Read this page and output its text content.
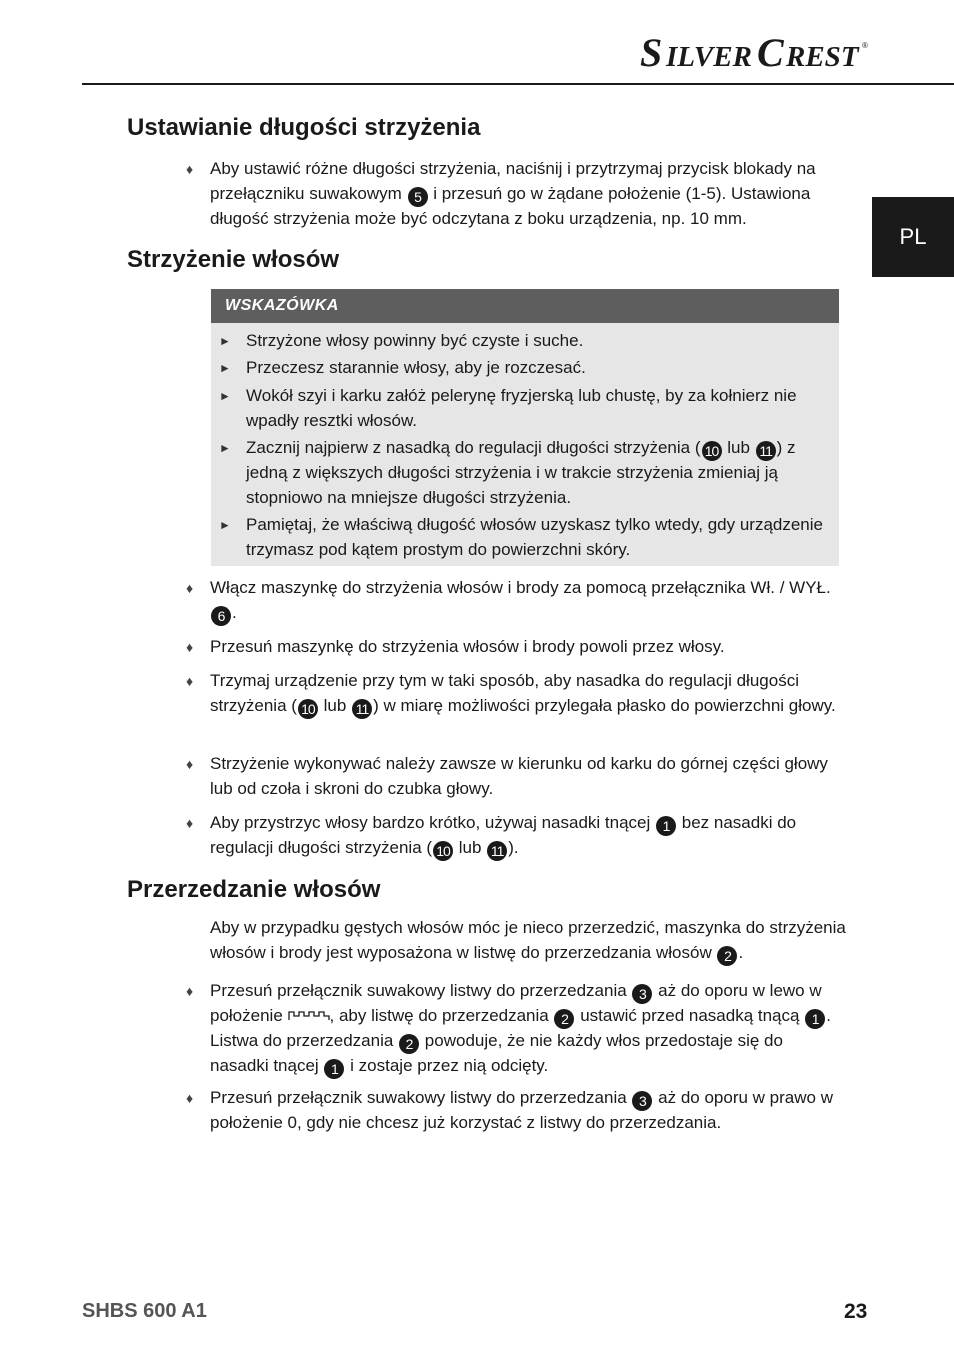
S ILVER C REST ®
PL
Ustawianie długości strzyżenia
♦ Aby ustawić różne długości strzyżenia, naciśnij i przytrzymaj przycisk blokady na przełączniku suwakowym 5 i przesuń go w żądane położenie (1-5). Ustawiona długość strzyżenia może być odczytana z boku urządzenia, np. 10 mm.
Strzyżenie włosów
WSKAZÓWKA
► Strzyżone włosy powinny być czyste i suche.
► Przeczesz starannie włosy, aby je rozczesać.
► Wokół szyi i karku załóż pelerynę fryzjerską lub chustę, by za kołnierz nie wpadły resztki włosów.
► Zacznij najpierw z nasadką do regulacji długości strzyżenia ( 10 lub 11 ) z jedną z większych długości strzyżenia i w trakcie strzyżenia zmieniaj ją stopniowo na mniejsze długości strzyżenia.
► Pamiętaj, że właściwą długość włosów uzyskasz tylko wtedy, gdy urządzenie trzymasz pod kątem prostym do powierzchni skóry.
♦ Włącz maszynkę do strzyżenia włosów i brody za pomocą przełącznika Wł. / WYŁ. 6 .
♦ Przesuń maszynkę do strzyżenia włosów i brody powoli przez włosy.
♦ Trzymaj urządzenie przy tym w taki sposób, aby nasadka do regulacji długości strzyżenia ( 10 lub 11 ) w miarę możliwości przylegała płasko do powierzchni głowy.
♦ Strzyżenie wykonywać należy zawsze w kierunku od karku do górnej części głowy lub od czoła i skroni do czubka głowy.
♦ Aby przystrzyc włosy bardzo krótko, używaj nasadki tnącej 1 bez nasadki do regulacji długości strzyżenia ( 10 lub 11 ).
Przerzedzanie włosów
Aby w przypadku gęstych włosów móc je nieco przerzedzić, maszynka do strzyżenia włosów i brody jest wyposażona w listwę do przerzedzania włosów 2 .
♦ Przesuń przełącznik suwakowy listwy do przerzedzania 3 aż do oporu w lewo w położenie	, aby listwę do przerzedzania 2 ustawić przed nasadką tnącą 1 . Listwa do przerzedzania 2 powoduje, że nie każdy włos przedostaje się do nasadki tnącej 1 i zostaje przez nią odcięty.
♦ Przesuń przełącznik suwakowy listwy do przerzedzania 3 aż do oporu w prawo w położenie 0, gdy nie chcesz już korzystać z listwy do przerzedzania.
SHBS 600 A1	23
